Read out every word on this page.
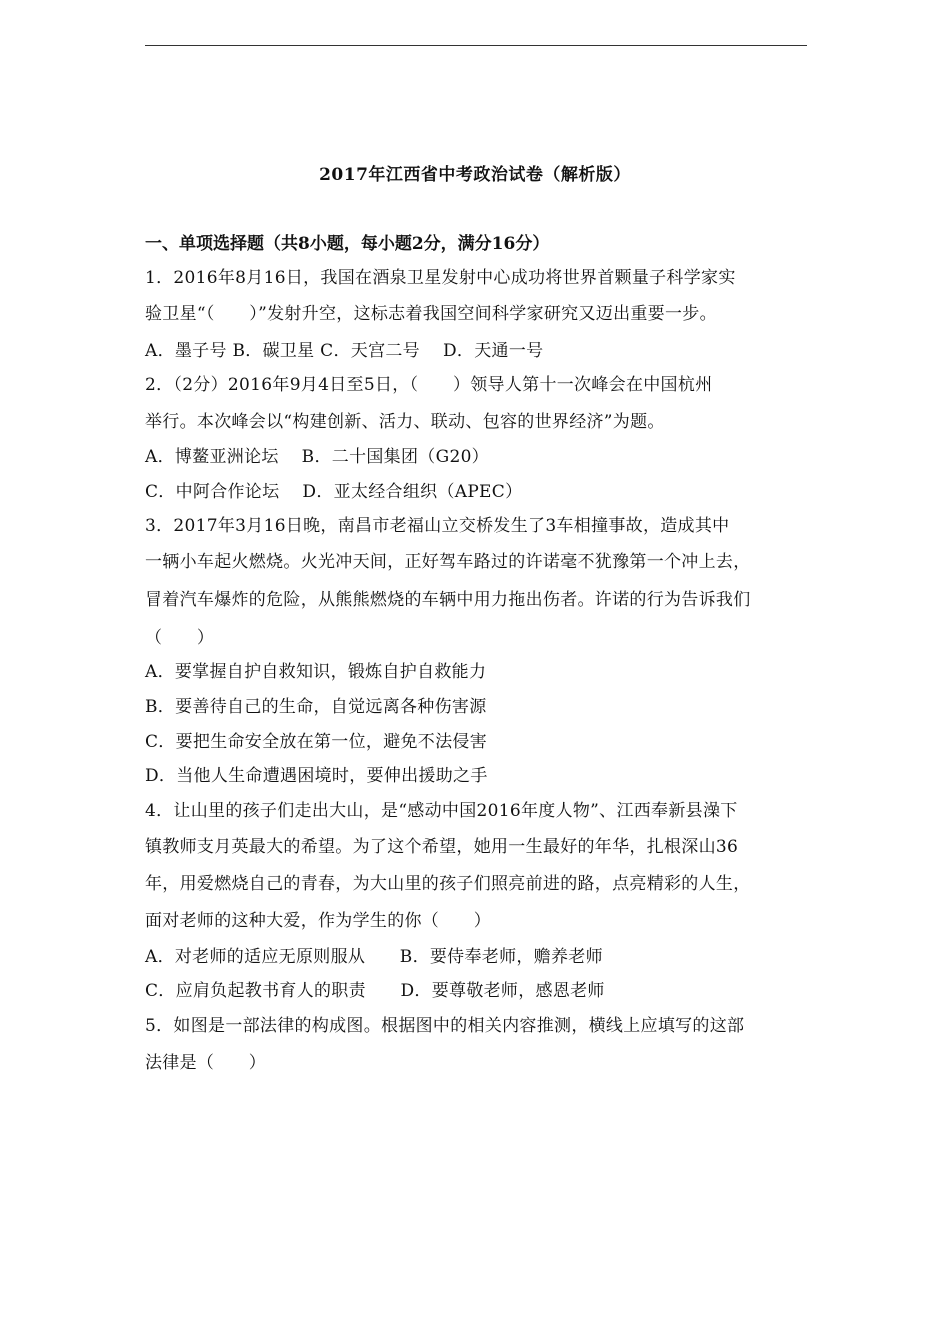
2017年江西省中考政治试卷（解析版）
一、单项选择题（共8小题，每小题2分，满分16分）
1．2016年8月16日，我国在酒泉卫星发射中心成功将世界首颗量子科学家实
验卫星“（　　）”发射升空，这标志着我国空间科学家研究又迈出重要一步。
A．墨子号 B．碳卫星 C．天宫二号　 D．天通一号
2．（2分）2016年9月4日至5日，（　　）领导人第十一次峰会在中国杭州
举行。本次峰会以“构建创新、活力、联动、包容的世界经济”为题。
A．博鳌亚洲论坛　 B．二十国集团（G20）
C．中阿合作论坛　 D．亚太经合组织（APEC）
3．2017年3月16日晚，南昌市老福山立交桥发生了3车相撞事故，造成其中
一辆小车起火燃烧。火光冲天间，正好驾车路过的许诺毫不犹豫第一个冲上去，
冒着汽车爆炸的危险，从熊熊燃烧的车辆中用力拖出伤者。许诺的行为告诉我们
（　　）
A．要掌握自护自救知识，锻炼自护自救能力
B．要善待自己的生命，自觉远离各种伤害源
C．要把生命安全放在第一位，避免不法侵害
D．当他人生命遭遇困境时，要伸出援助之手
4．让山里的孩子们走出大山，是“感动中国2016年度人物”、江西奉新县澡下
镇教师支月英最大的希望。为了这个希望，她用一生最好的年华，扎根深山36
年，用爱燃烧自己的青春，为大山里的孩子们照亮前进的路，点亮精彩的人生，
面对老师的这种大爱，作为学生的你（　　）
A．对老师的适应无原则服从　　B．要侍奉老师，赡养老师
C．应肩负起教书育人的职责　　D．要尊敬老师，感恩老师
5．如图是一部法律的构成图。根据图中的相关内容推测，横线上应填写的这部
法律是（　　）
